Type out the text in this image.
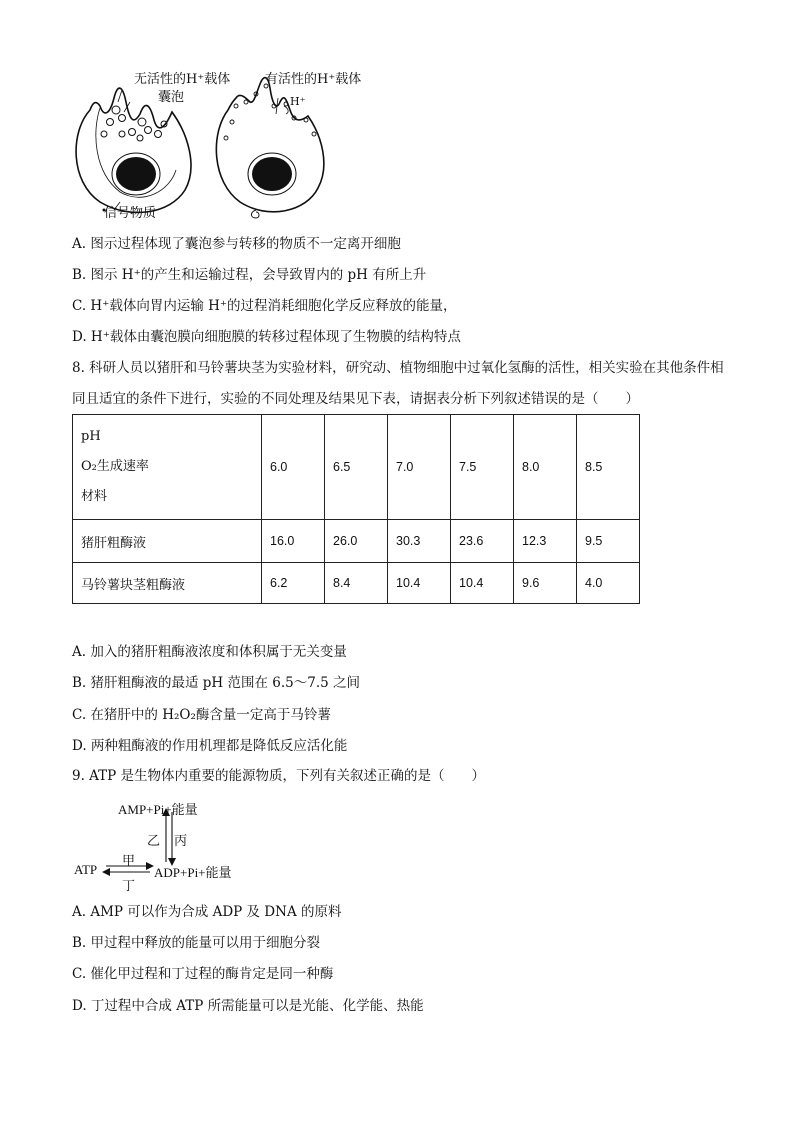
无活性的H⁺载体
囊泡
有活性的H⁺载体
H⁺
信号物质
A. 图示过程体现了囊泡参与转移的物质不一定离开细胞
B. 图示 H⁺的产生和运输过程，会导致胃内的 pH 有所上升
C. H⁺载体向胃内运输 H⁺的过程消耗细胞化学反应释放的能量，
D. H⁺载体由囊泡膜向细胞膜的转移过程体现了生物膜的结构特点
8. 科研人员以猪肝和马铃薯块茎为实验材料，研究动、植物细胞中过氧化氢酶的活性，相关实验在其他条件相同且适宜的条件下进行，实验的不同处理及结果见下表，请据表分析下列叙述错误的是（　　）
pH
O₂生成速率
材料	6.0	6.5	7.0	7.5	8.0	8.5
猪肝粗酶液	16.0	26.0	30.3	23.6	12.3	9.5
马铃薯块茎粗酶液	6.2	8.4	10.4	10.4	9.6	4.0
A. 加入的猪肝粗酶液浓度和体积属于无关变量
B. 猪肝粗酶液的最适 pH 范围在 6.5～7.5 之间
C. 在猪肝中的 H₂O₂酶含量一定高于马铃薯
D. 两种粗酶液的作用机理都是降低反应活化能
9. ATP 是生物体内重要的能源物质，下列有关叙述正确的是（　　）
AMP+Pi+能量
乙 丙
甲
ATP	ADP+Pi+能量
丁
A. AMP 可以作为合成 ADP 及 DNA 的原料
B. 甲过程中释放的能量可以用于细胞分裂
C. 催化甲过程和丁过程的酶肯定是同一种酶
D. 丁过程中合成 ATP 所需能量可以是光能、化学能、热能
